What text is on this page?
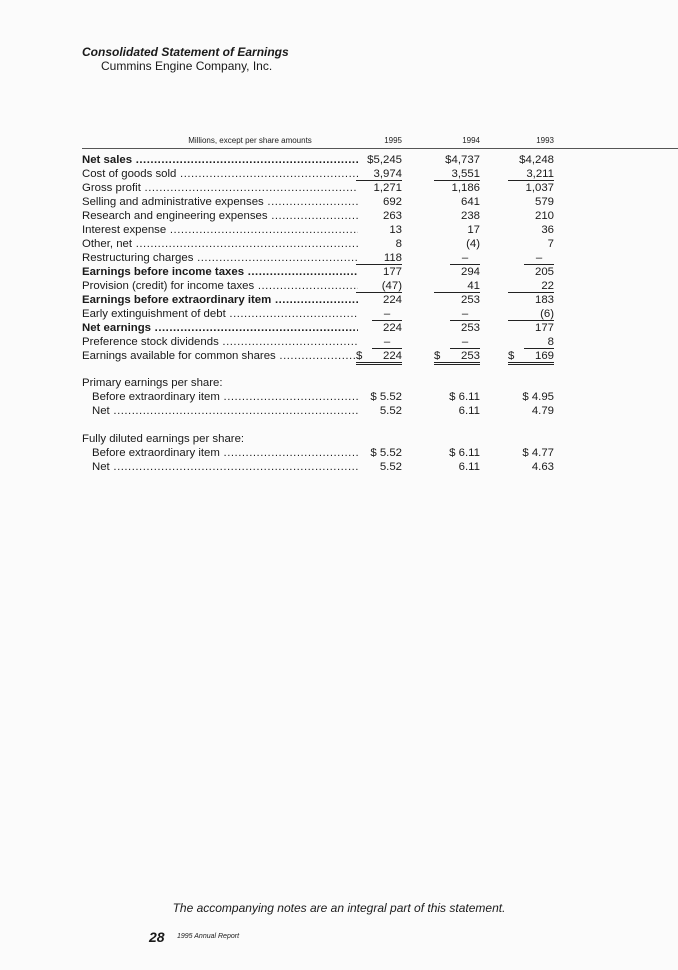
Consolidated Statement of Earnings
Cummins Engine Company, Inc.
Millions, except per share amounts	1995	1994	1993
Net sales .....	$5,245	$4,737	$4,248
Cost of goods sold .....	3,974	3,551	3,211
Gross profit .....	1,271	1,186	1,037
Selling and administrative expenses .....	692	641	579
Research and engineering expenses .....	263	238	210
Interest expense .....	13	17	36
Other, net .....	8	(4)	7
Restructuring charges .....	118	–	–
Earnings before income taxes .....	177	294	205
Provision (credit) for income taxes .....	(47)	41	22
Earnings before extraordinary item .....	224	253	183
Early extinguishment of debt .....	–	–	(6)
Net earnings .....	224	253	177
Preference stock dividends .....	–	–	8
Earnings available for common shares .....	$ 224	$ 253 $ 169
Primary earnings per share:
Before extraordinary item .....	$ 5.52	$ 6.11	$ 4.95
Net .....	5.52	6.11	4.79
Fully diluted earnings per share:
Before extraordinary item .....	$ 5.52	$ 6.11	$ 4.77
Net .....	5.52	6.11	4.63
The accompanying notes are an integral part of this statement.
28 1995 Annual Report
